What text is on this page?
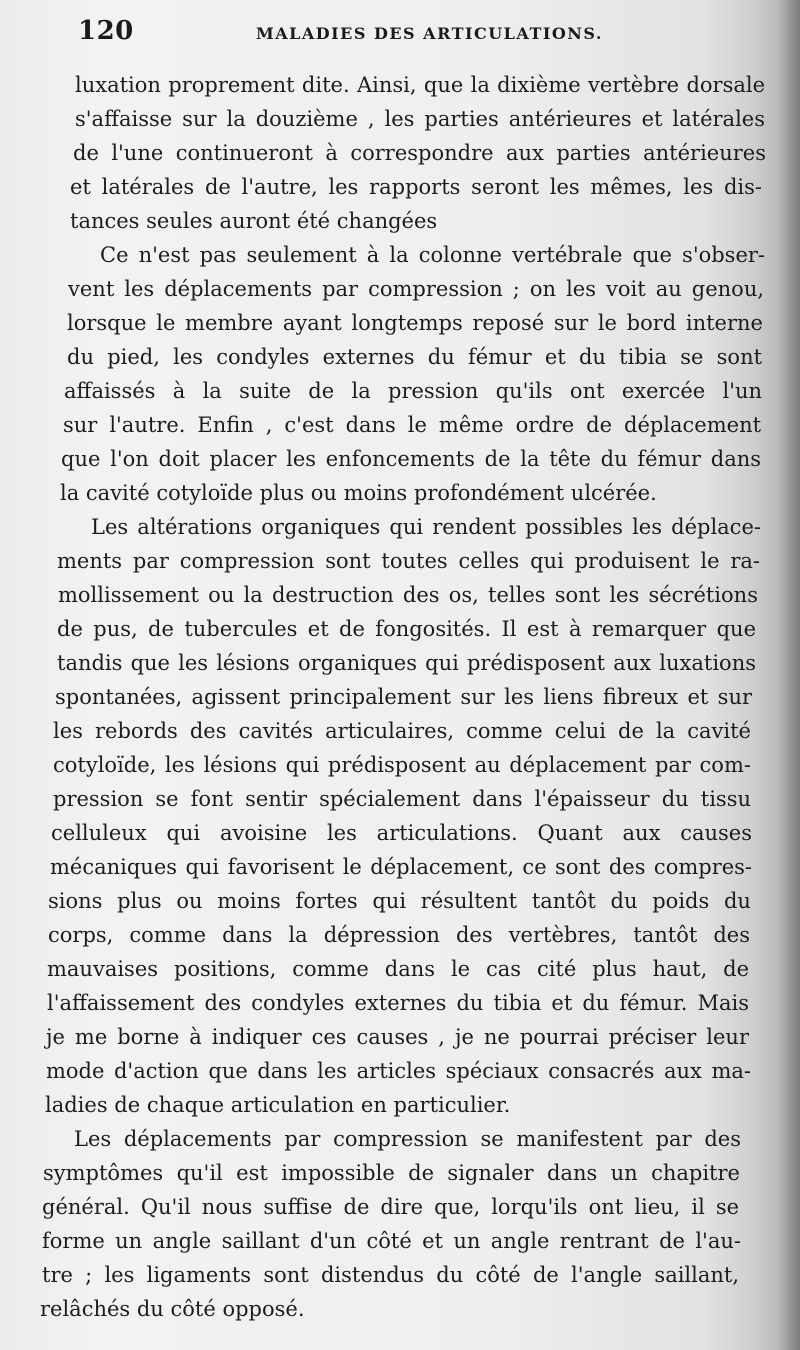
120	MALADIES DES ARTICULATIONS.
luxation proprement dite. Ainsi, que la dixième vertèbre dorsale
s'affaisse sur la douzième , les parties antérieures et latérales
de l'une continueront à correspondre aux parties antérieures
et latérales de l'autre, les rapports seront les mêmes, les dis-
tances seules auront été changées
Ce n'est pas seulement à la colonne vertébrale que s'obser-
vent les déplacements par compression ; on les voit au genou,
lorsque le membre ayant longtemps reposé sur le bord interne
du pied, les condyles externes du fémur et du tibia se sont
affaissés à la suite de la pression qu'ils ont exercée l'un
sur l'autre. Enfin , c'est dans le même ordre de déplacement
que l'on doit placer les enfoncements de la tête du fémur dans
la cavité cotyloïde plus ou moins profondément ulcérée.
Les altérations organiques qui rendent possibles les déplace-
ments par compression sont toutes celles qui produisent le ra-
mollissement ou la destruction des os, telles sont les sécrétions
de pus, de tubercules et de fongosités. Il est à remarquer que
tandis que les lésions organiques qui prédisposent aux luxations
spontanées, agissent principalement sur les liens fibreux et sur
les rebords des cavités articulaires, comme celui de la cavité
cotyloïde, les lésions qui prédisposent au déplacement par com-
pression se font sentir spécialement dans l'épaisseur du tissu
celluleux qui avoisine les articulations. Quant aux causes
mécaniques qui favorisent le déplacement, ce sont des compres-
sions plus ou moins fortes qui résultent tantôt du poids du
corps, comme dans la dépression des vertèbres, tantôt des
mauvaises positions, comme dans le cas cité plus haut, de
l'affaissement des condyles externes du tibia et du fémur. Mais
je me borne à indiquer ces causes , je ne pourrai préciser leur
mode d'action que dans les articles spéciaux consacrés aux ma-
ladies de chaque articulation en particulier.
Les déplacements par compression se manifestent par des
symptômes qu'il est impossible de signaler dans un chapitre
général. Qu'il nous suffise de dire que, lorqu'ils ont lieu, il se
forme un angle saillant d'un côté et un angle rentrant de l'au-
tre ; les ligaments sont distendus du côté de l'angle saillant,
relâchés du côté opposé.
